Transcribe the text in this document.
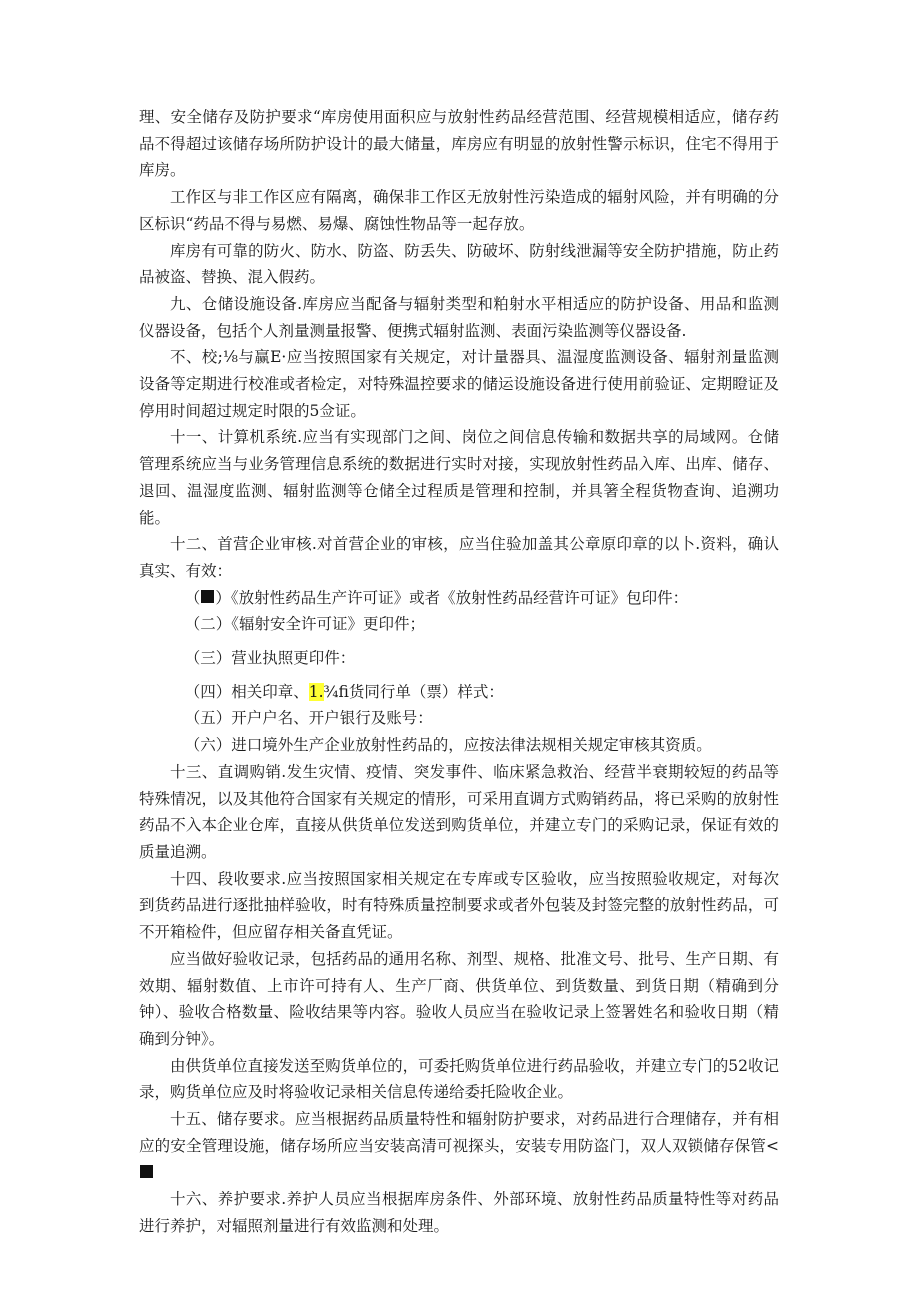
理、安全储存及防护要求“库房使用面积应与放射性药品经营范围、经营规模相适应，储存药品不得超过该储存场所防护设计的最大储量，库房应有明显的放射性警示标识，住宅不得用于库房。

工作区与非工作区应有隔离，确保非工作区无放射性污染造成的辐射风险，并有明确的分区标识“药品不得与易燃、易爆、腐蚀性物品等一起存放。

库房有可靠的防火、防水、防盗、防丢失、防破坏、防射线泄漏等安全防护措施，防止药品被盗、替换、混入假药。

九、仓储设施设备.库房应当配备与辐射类型和粕射水平相适应的防护设备、用品和监测仪器设备，包括个人剂量测量报警、便携式辐射监测、表面污染监测等仪器设备.

不、校;⅛与赢E·应当按照国家有关规定，对计量器具、温湿度监测设备、辐射剂量监测设备等定期进行校准或者检定，对特殊温控要求的储运设施设备进行使用前验证、定期瞪证及停用时间超过规定时限的5佥证。

十一、计算机系统.应当有实现部门之间、岗位之间信息传输和数据共享的局域网。仓储管理系统应当与业务管理信息系统的数据进行实时对接，实现放射性药品入库、出库、储存、退回、温湿度监测、辐射监测等仓储全过程质是管理和控制，并具箸全程货物查询、追溯功能。

十二、首营企业审核.对首营企业的审核，应当住验加盖其公章原印章的以卜.资料，确认真实、有效：

（ ）《放射性药品生产许可证》或者《放射性药品经营许可证》包印件：
（二）《辐射安全许可证》更印件；
（三）营业执照更印件：
（四）相关印章、1.¾fi货同行单（票）样式：
（五）开户户名、开户银行及账号：
（六）进口境外生产企业放射性药品的，应按法律法规相关规定审核其资质。

十三、直调购销.发生灾情、疫情、突发事件、临床紧急救治、经营半衰期较短的药品等特殊情况，以及其他符合国家有关规定的情形，可采用直调方式购销药品，将已采购的放射性药品不入本企业仓库，直接从供货单位发送到购货单位，并建立专门的采购记录，保证有效的质量追溯。

十四、段收要求.应当按照国家相关规定在专库或专区验收，应当按照验收规定，对每次到货药品进行逐批抽样验收，时有特殊质量控制要求或者外包装及封签完整的放射性药品，可不开箱检件，但应留存相关备直凭证。

应当做好验收记录，包括药品的通用名称、剂型、规格、批准文号、批号、生产日期、有效期、辐射数值、上市许可持有人、生产厂商、供货单位、到货数量、到货日期（精确到分钟）、验收合格数量、险收结果等内容。验收人员应当在验收记录上签署姓名和验收日期（精确到分钟》。

由供货单位直接发送至购货单位的，可委托购货单位进行药品验收，并建立专门的52收记录，购货单位应及时将验收记录相关信息传递给委托险收企业。

十五、储存要求。应当根据药品质量特性和辐射防护要求，对药品进行合理储存，并有相应的安全管理设施，储存场所应当安装高清可视探头，安装专用防盗门，双人双锁储存保管<

十六、养护要求.养护人员应当根据库房条件、外部环境、放射性药品质量特性等对药品进行养护，对辐照剂量进行有效监测和处理。
